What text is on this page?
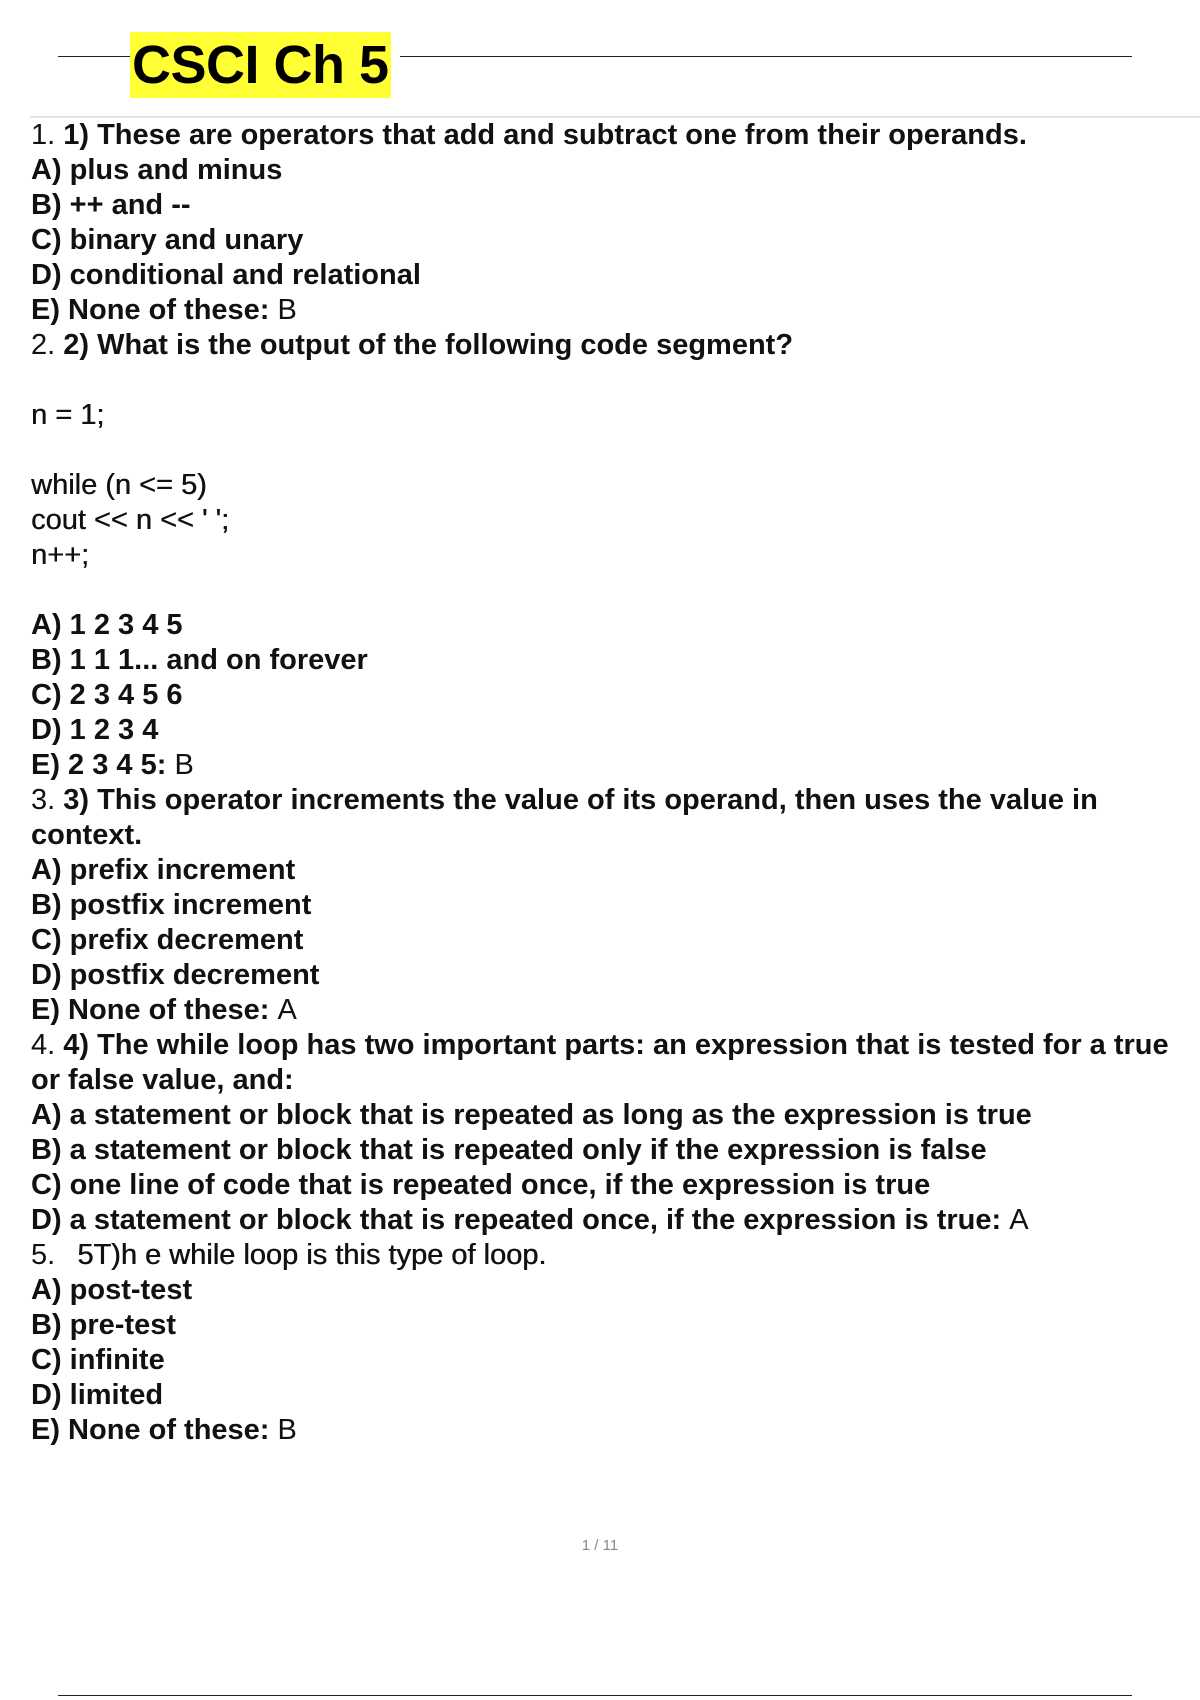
CSCI Ch 5
1. 1) These are operators that add and subtract one from their operands.
A) plus and minus
B) ++ and --
C) binary and unary
D) conditional and relational
E) None of these: B
2. 2) What is the output of the following code segment?
n = 1;
while (n <= 5)
cout << n << ' ';
n++;
A) 1 2 3 4 5
B) 1 1 1... and on forever
C) 2 3 4 5 6
D) 1 2 3 4
E) 2 3 4 5: B
3. 3) This operator increments the value of its operand, then uses the value in context.
A) prefix increment
B) postfix increment
C) prefix decrement
D) postfix decrement
E) None of these: A
4. 4) The while loop has two important parts: an expression that is tested for a true or false value, and:
A) a statement or block that is repeated as long as the expression is true
B) a statement or block that is repeated only if the expression is false
C) one line of code that is repeated once, if the expression is true
D) a statement or block that is repeated once, if the expression is true: A
5. 5T)h e while loop is this type of loop.
A) post-test
B) pre-test
C) infinite
D) limited
E) None of these: B
1 / 11
